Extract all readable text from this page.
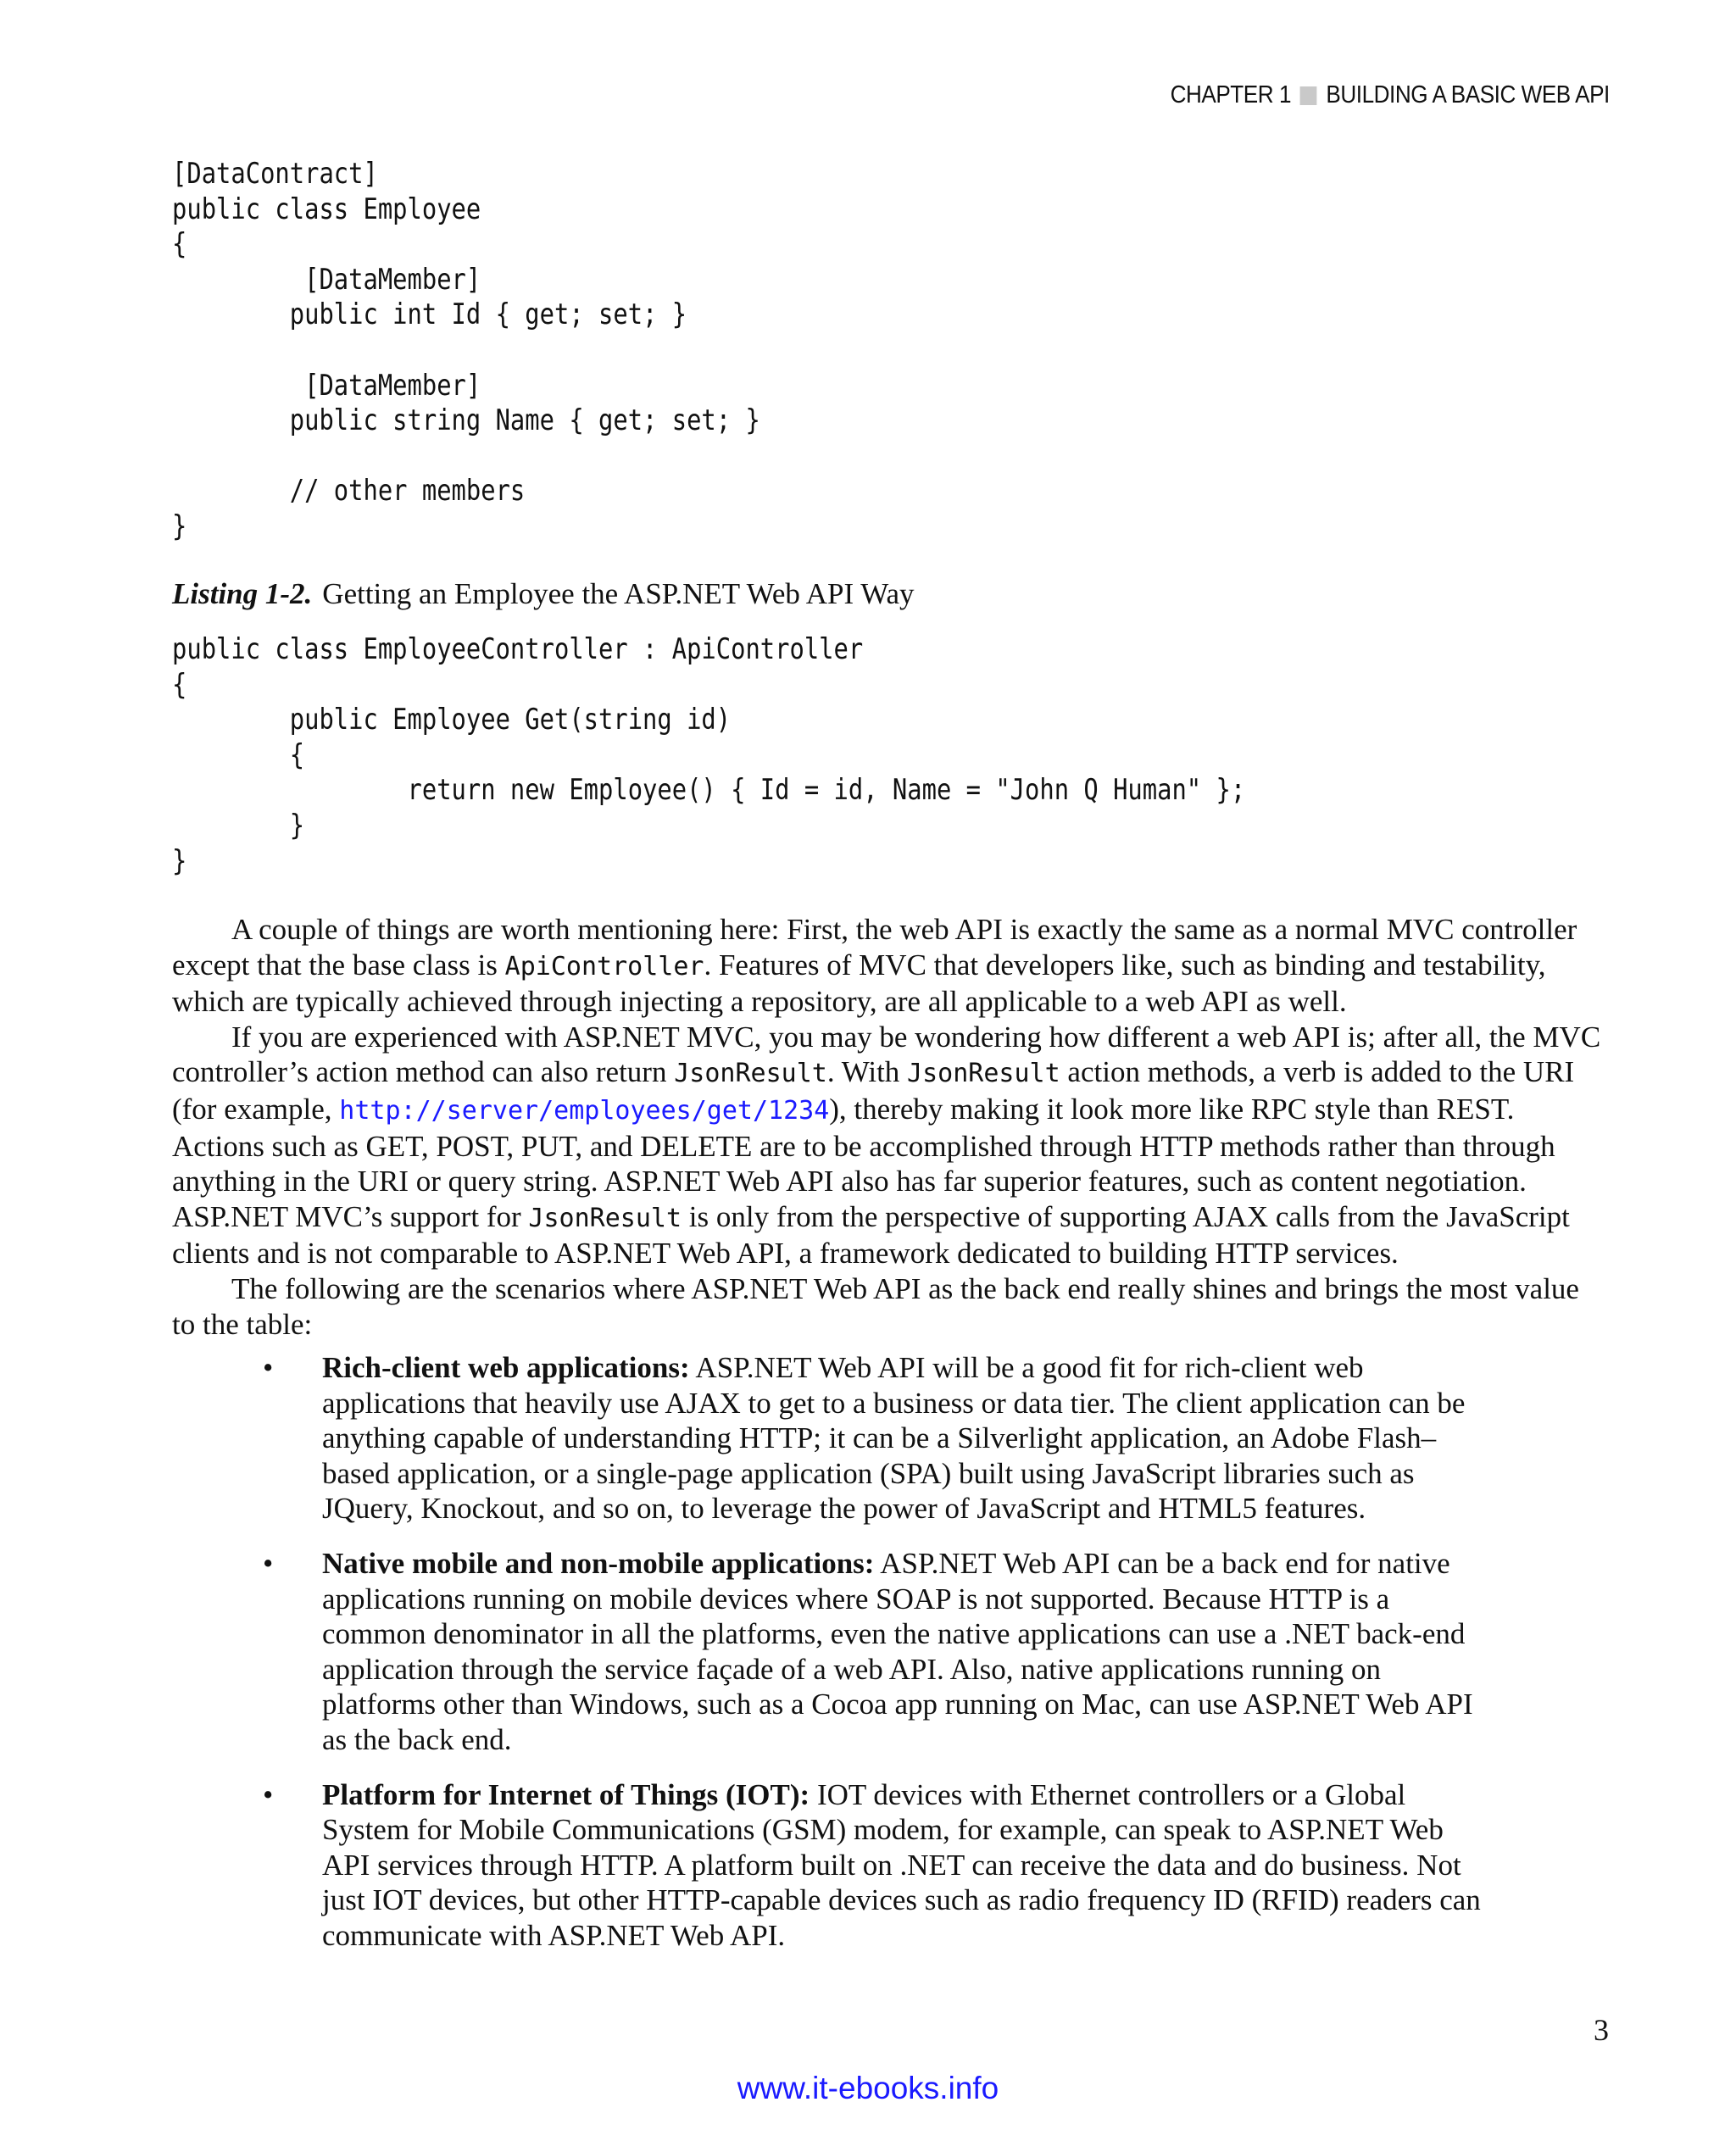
CHAPTER 1 BUILDING A BASIC WEB API
[DataContract]
public class Employee
{
[DataMember]
public int Id { get; set; }

[DataMember]
public string Name { get; set; }

// other members
}
Listing 1-2. Getting an Employee the ASP.NET Web API Way
public class EmployeeController : ApiController
{
public Employee Get(string id)
{
return new Employee() { Id = id, Name = "John Q Human" };
}
}

A couple of things are worth mentioning here: First, the web API is exactly the same as a normal MVC controller except that the base class is ApiController. Features of MVC that developers like, such as binding and testability, which are typically achieved through injecting a repository, are all applicable to a web API as well.

If you are experienced with ASP.NET MVC, you may be wondering how different a web API is; after all, the MVC controller’s action method can also return JsonResult. With JsonResult action methods, a verb is added to the URI (for example, http://server/employees/get/1234), thereby making it look more like RPC style than REST. Actions such as GET, POST, PUT, and DELETE are to be accomplished through HTTP methods rather than through anything in the URI or query string. ASP.NET Web API also has far superior features, such as content negotiation. ASP.NET MVC’s support for JsonResult is only from the perspective of supporting AJAX calls from the JavaScript clients and is not comparable to ASP.NET Web API, a framework dedicated to building HTTP services.

The following are the scenarios where ASP.NET Web API as the back end really shines and brings the most value to the table:

• Rich-client web applications: ASP.NET Web API will be a good fit for rich-client web applications that heavily use AJAX to get to a business or data tier. The client application can be anything capable of understanding HTTP; it can be a Silverlight application, an Adobe Flash–based application, or a single-page application (SPA) built using JavaScript libraries such as JQuery, Knockout, and so on, to leverage the power of JavaScript and HTML5 features.
• Native mobile and non-mobile applications: ASP.NET Web API can be a back end for native applications running on mobile devices where SOAP is not supported. Because HTTP is a common denominator in all the platforms, even the native applications can use a .NET back-end application through the service façade of a web API. Also, native applications running on platforms other than Windows, such as a Cocoa app running on Mac, can use ASP.NET Web API as the back end.
• Platform for Internet of Things (IOT): IOT devices with Ethernet controllers or a Global System for Mobile Communications (GSM) modem, for example, can speak to ASP.NET Web API services through HTTP. A platform built on .NET can receive the data and do business. Not just IOT devices, but other HTTP-capable devices such as radio frequency ID (RFID) readers can communicate with ASP.NET Web API.
3
www.it-ebooks.info
